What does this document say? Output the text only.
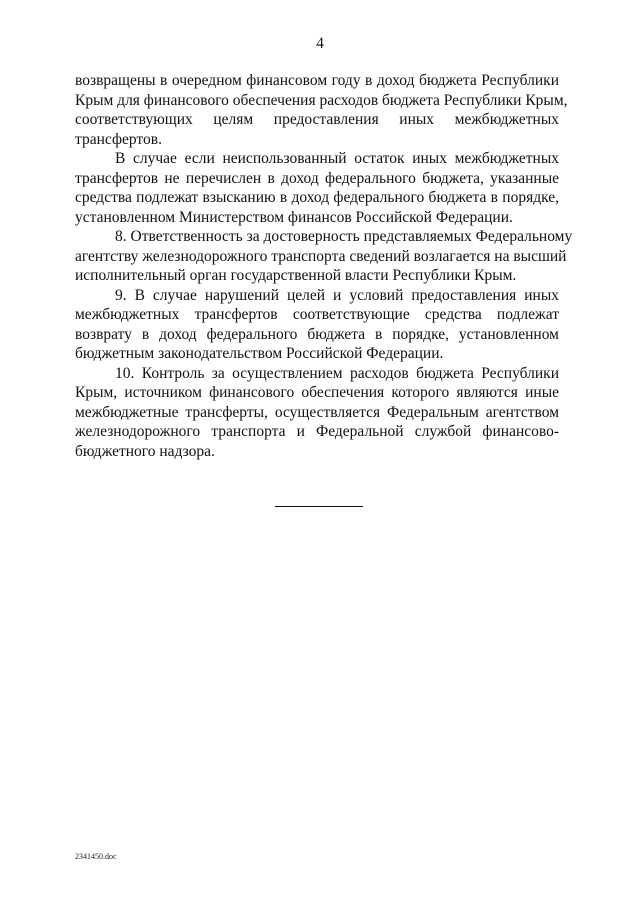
4
возвращены в очередном финансовом году в доход бюджета Республики
Крым для финансового обеспечения расходов бюджета Республики Крым,
соответствующих целям предоставления иных межбюджетных
трансфертов.
В случае если неиспользованный остаток иных межбюджетных
трансфертов не перечислен в доход федерального бюджета, указанные
средства подлежат взысканию в доход федерального бюджета в порядке,
установленном Министерством финансов Российской Федерации.
8. Ответственность за достоверность представляемых Федеральному
агентству железнодорожного транспорта сведений возлагается на высший
исполнительный орган государственной власти Республики Крым.
9. В случае нарушений целей и условий предоставления иных
межбюджетных трансфертов соответствующие средства подлежат
возврату в доход федерального бюджета в порядке, установленном
бюджетным законодательством Российской Федерации.
10. Контроль за осуществлением расходов бюджета Республики
Крым, источником финансового обеспечения которого являются иные
межбюджетные трансферты, осуществляется Федеральным агентством
железнодорожного транспорта и Федеральной службой финансово-
бюджетного надзора.
2341450.doc
